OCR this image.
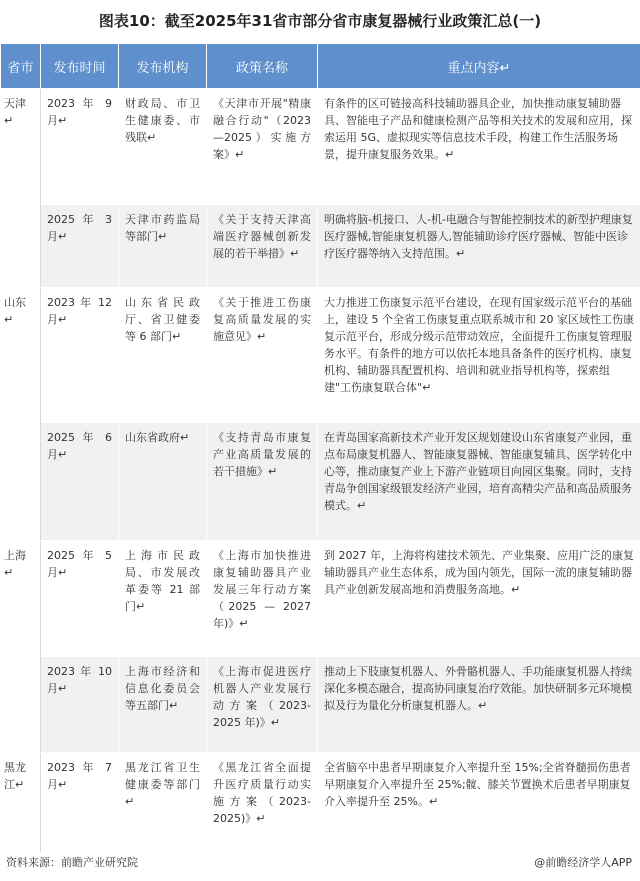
图表10：截至2025年31省市部分省市康复器械行业政策汇总(一)
省市	发布时间	发布机构	政策名称	重点内容↵
天津↵	2023 年 9 月↵	财政局、市卫生健康委、市残联↵	《天津市开展"精康融合行动"（2023—2025）实施方案》↵	有条件的区可链接高科技辅助器具企业，加快推动康复辅助器具、智能电子产品和健康检测产品等相关技术的发展和应用，探索运用 5G、虚拟现实等信息技术手段，构建工作生活服务场景，提升康复服务效果。↵
	2025 年 3 月↵	天津市药监局等部门↵	《关于支持天津高端医疗器械创新发展的若干举措》↵	明确将脑-机接口、人-机-电融合与智能控制技术的新型护理康复医疗器械,智能康复机器人,智能辅助诊疗医疗器械、智能中医诊疗医疗器等纳入支持范围。↵
山东↵	2023 年 12 月↵	山东省民政厅、省卫健委等 6 部门↵	《关于推进工伤康复高质量发展的实施意见》↵	大力推进工伤康复示范平台建设，在现有国家级示范平台的基础上，建设 5 个全省工伤康复重点联系城市和 20 家区域性工伤康复示范平台，形成分级示范带动效应，全面提升工伤康复管理服务水平。有条件的地方可以依托本地具备条件的医疗机构、康复机构、辅助器具配置机构、培训和就业指导机构等，探索组建"工伤康复联合体"↵
	2025 年 6 月↵	山东省政府↵	《支持青岛市康复产业高质量发展的若干措施》↵	在青岛国家高新技术产业开发区规划建设山东省康复产业园，重点布局康复机器人、智能康复器械、智能康复辅具、医学转化中心等，推动康复产业上下游产业链项目向园区集聚。同时，支持青岛争创国家级银发经济产业园，培育高精尖产品和高品质服务模式。↵
上海↵	2025 年 5 月↵	上海市民政局、市发展改革委等 21 部门↵	《上海市加快推进康复辅助器具产业发展三年行动方案（2025 — 2027 年)》↵	到 2027 年，上海将构建技术领先、产业集聚、应用广泛的康复辅助器具产业生态体系，成为国内领先，国际一流的康复辅助器具产业创新发展高地和消费服务高地。↵
	2023 年 10 月↵	上海市经济和信息化委员会等五部门↵	《上海市促进医疗机器人产业发展行动方案（2023-2025 年)》↵	推动上下肢康复机器人、外骨骼机器人、手功能康复机器人持续深化多模态融合，提高协同康复治疗效能。加快研制多元环境模拟及行为量化分析康复机器人。↵
黑龙江↵	2023 年 7 月↵	黑龙江省卫生健康委等部门↵	《黑龙江省全面提升医疗质量行动实施方案（2023-2025)》↵	全省脑卒中患者早期康复介入率提升至 15%;全省脊髓损伤患者早期康复介入率提升至 25%;髋、膝关节置换术后患者早期康复介入率提升至 25%。↵
资料来源：前瞻产业研究院	@前瞻经济学人APP
